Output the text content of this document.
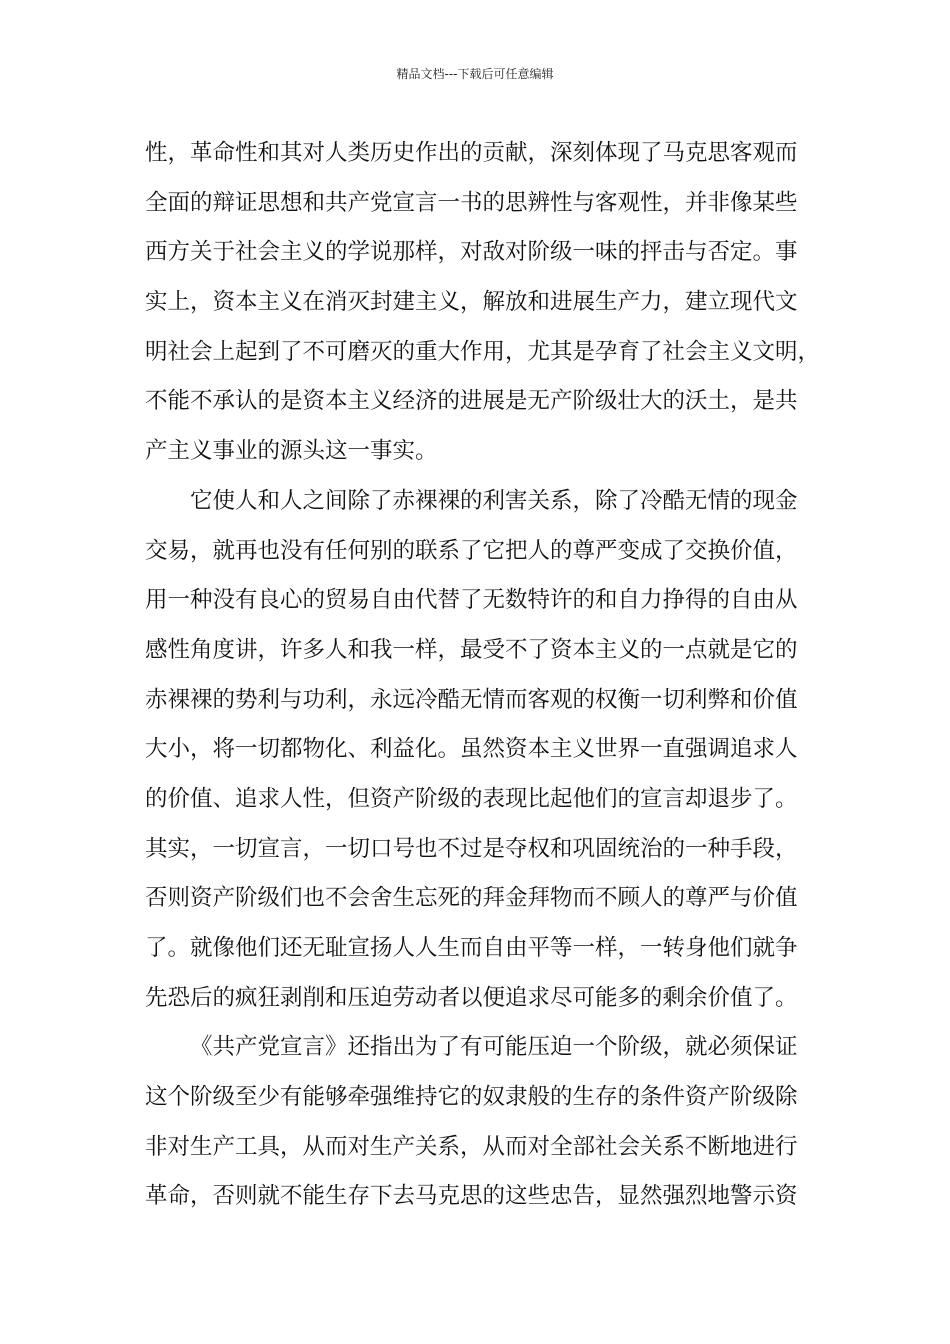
精品文档---下载后可任意编辑
性，革命性和其对人类历史作出的贡献，深刻体现了马克思客观而
全面的辩证思想和共产党宣言一书的思辨性与客观性，并非像某些
西方关于社会主义的学说那样，对敌对阶级一味的抨击与否定。事
实上，资本主义在消灭封建主义，解放和进展生产力，建立现代文
明社会上起到了不可磨灭的重大作用，尤其是孕育了社会主义文明，
不能不承认的是资本主义经济的进展是无产阶级壮大的沃土，是共
产主义事业的源头这一事实。
它使人和人之间除了赤裸裸的利害关系，除了冷酷无情的现金
交易，就再也没有任何别的联系了它把人的尊严变成了交换价值，
用一种没有良心的贸易自由代替了无数特许的和自力挣得的自由从
感性角度讲，许多人和我一样，最受不了资本主义的一点就是它的
赤裸裸的势利与功利，永远冷酷无情而客观的权衡一切利弊和价值
大小，将一切都物化、利益化。虽然资本主义世界一直强调追求人
的价值、追求人性，但资产阶级的表现比起他们的宣言却退步了。
其实，一切宣言，一切口号也不过是夺权和巩固统治的一种手段，
否则资产阶级们也不会舍生忘死的拜金拜物而不顾人的尊严与价值
了。就像他们还无耻宣扬人人生而自由平等一样，一转身他们就争
先恐后的疯狂剥削和压迫劳动者以便追求尽可能多的剩余价值了。
《共产党宣言》还指出为了有可能压迫一个阶级，就必须保证
这个阶级至少有能够牵强维持它的奴隶般的生存的条件资产阶级除
非对生产工具，从而对生产关系，从而对全部社会关系不断地进行
革命，否则就不能生存下去马克思的这些忠告，显然强烈地警示资
